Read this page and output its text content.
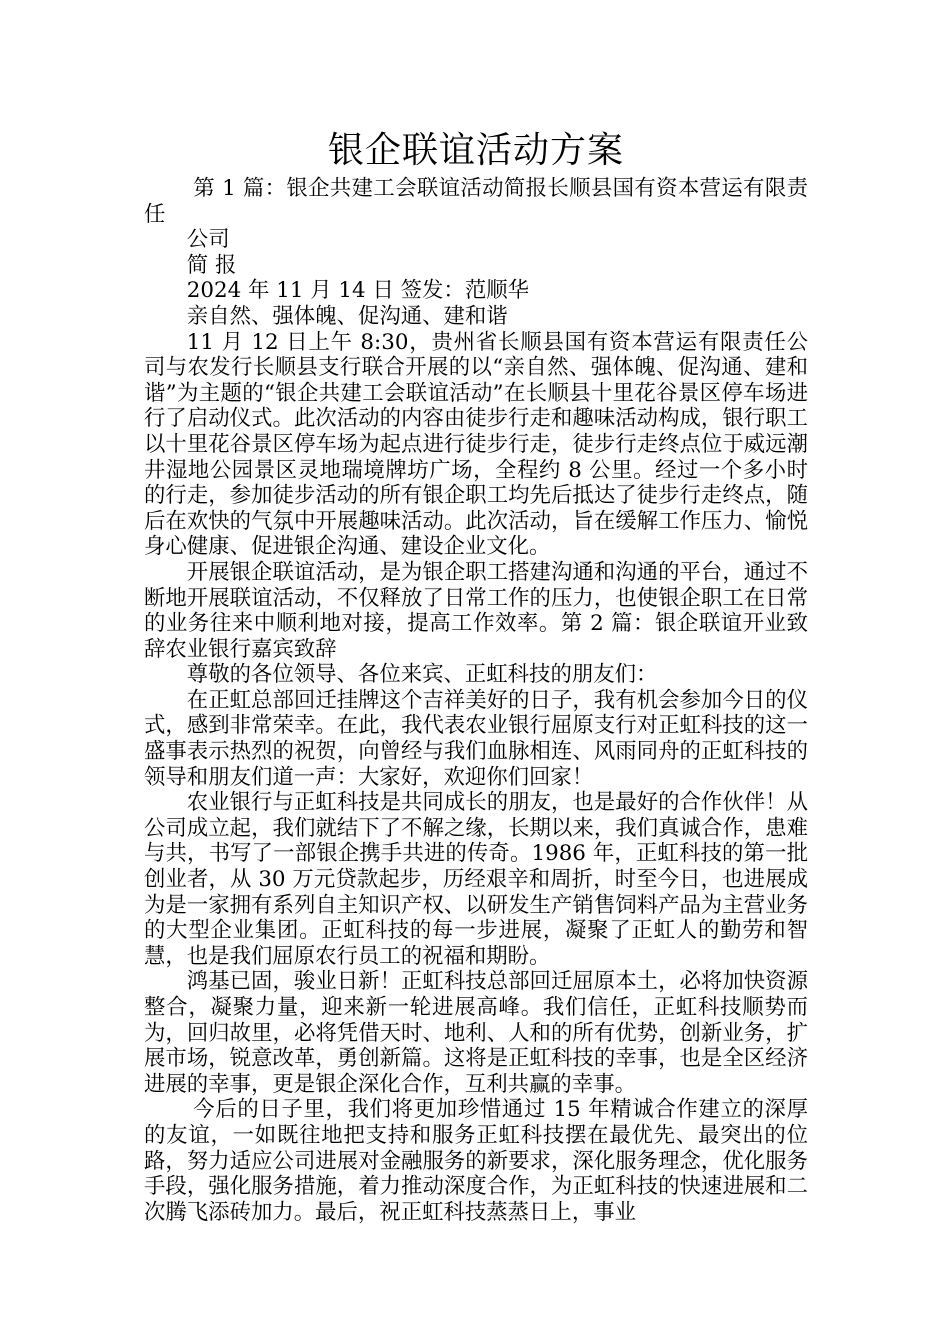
银企联谊活动方案

第 1 篇：银企共建工会联谊活动简报长顺县国有资本营运有限责任

公司

简 报

2024 年 11 月 14 日 签发：范顺华

亲自然、强体魄、促沟通、建和谐

11 月 12 日上午 8:30，贵州省长顺县国有资本营运有限责任公司与农发行长顺县支行联合开展的以“亲自然、强体魄、促沟通、建和谐”为主题的“银企共建工会联谊活动”在长顺县十里花谷景区停车场进行了启动仪式。此次活动的内容由徒步行走和趣味活动构成，银行职工以十里花谷景区停车场为起点进行徒步行走，徒步行走终点位于威远潮井湿地公园景区灵地瑞境牌坊广场，全程约 8 公里。经过一个多小时的行走，参加徒步活动的所有银企职工均先后抵达了徒步行走终点，随后在欢快的气氛中开展趣味活动。此次活动，旨在缓解工作压力、愉悦身心健康、促进银企沟通、建设企业文化。

开展银企联谊活动，是为银企职工搭建沟通和沟通的平台，通过不断地开展联谊活动，不仅释放了日常工作的压力，也使银企职工在日常的业务往来中顺利地对接，提高工作效率。第 2 篇：银企联谊开业致辞农业银行嘉宾致辞

尊敬的各位领导、各位来宾、正虹科技的朋友们：

在正虹总部回迁挂牌这个吉祥美好的日子，我有机会参加今日的仪式，感到非常荣幸。在此，我代表农业银行屈原支行对正虹科技的这一盛事表示热烈的祝贺，向曾经与我们血脉相连、风雨同舟的正虹科技的领导和朋友们道一声：大家好，欢迎你们回家！

农业银行与正虹科技是共同成长的朋友，也是最好的合作伙伴！从公司成立起，我们就结下了不解之缘，长期以来，我们真诚合作，患难与共，书写了一部银企携手共进的传奇。1986 年，正虹科技的第一批创业者，从 30 万元贷款起步，历经艰辛和周折，时至今日，也进展成为是一家拥有系列自主知识产权、以研发生产销售饲料产品为主营业务的大型企业集团。正虹科技的每一步进展，凝聚了正虹人的勤劳和智慧，也是我们屈原农行员工的祝福和期盼。

鸿基已固，骏业日新！正虹科技总部回迁屈原本土，必将加快资源整合，凝聚力量，迎来新一轮进展高峰。我们信任，正虹科技顺势而为，回归故里，必将凭借天时、地利、人和的所有优势，创新业务，扩展市场，锐意改革，勇创新篇。这将是正虹科技的幸事，也是全区经济进展的幸事，更是银企深化合作，互利共赢的幸事。

今后的日子里，我们将更加珍惜通过 15 年精诚合作建立的深厚的友谊，一如既往地把支持和服务正虹科技摆在最优先、最突出的位路，努力适应公司进展对金融服务的新要求，深化服务理念，优化服务手段，强化服务措施，着力推动深度合作，为正虹科技的快速进展和二次腾飞添砖加力。最后，祝正虹科技蒸蒸日上，事业
